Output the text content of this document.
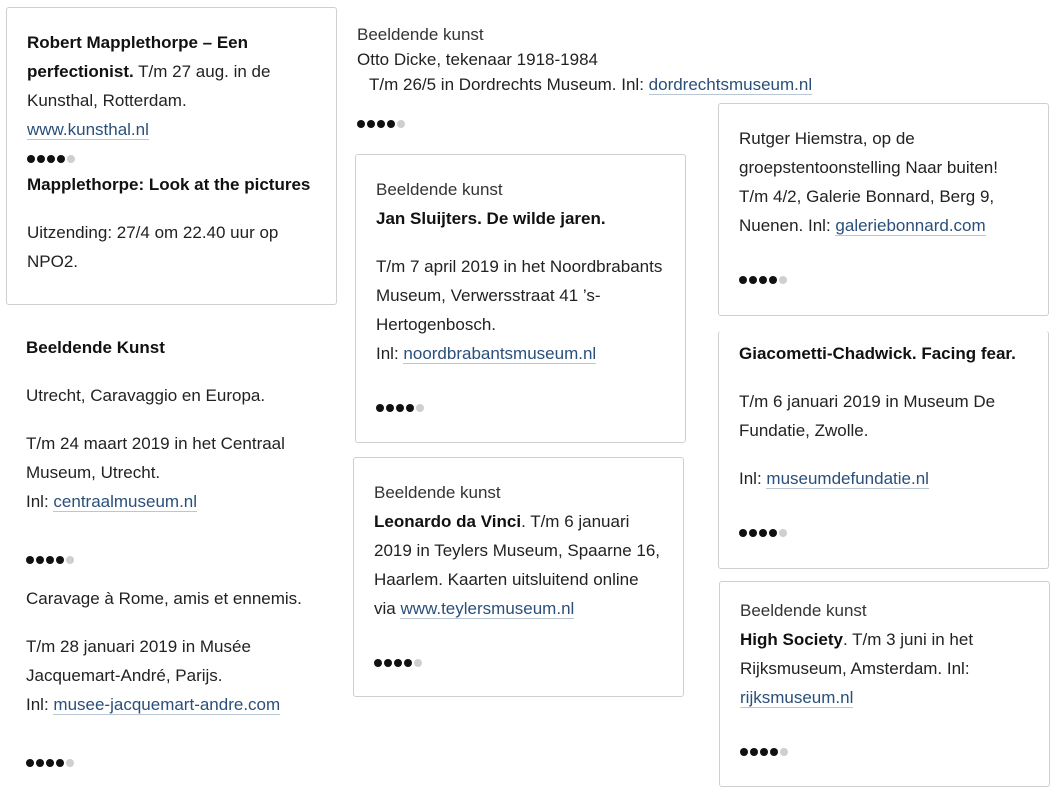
Robert Mapplethorpe – Een perfectionist. T/m 27 aug. in de Kunsthal, Rotterdam.
www.kunsthal.nl

Mapplethorpe: Look at the pictures

Uitzending: 27/4 om 22.40 uur op NPO2.

Beeldende Kunst

Utrecht, Caravaggio en Europa.

T/m 24 maart 2019 in het Centraal Museum, Utrecht.
Inl: centraalmuseum.nl

Caravage à Rome, amis et ennemis.

T/m 28 januari 2019 in Musée Jacquemart-André, Parijs.
Inl: musee-jacquemart-andre.com

Beeldende kunst

Otto Dicke, tekenaar 1918-1984

T/m 26/5 in Dordrechts Museum. Inl: dordrechtsmuseum.nl

Beeldende kunst

Jan Sluijters. De wilde jaren.

T/m 7 april 2019 in het Noordbrabants Museum, Verwersstraat 41 ’s-Hertogenbosch.
Inl: noordbrabantsmuseum.nl

Beeldende kunst

Leonardo da Vinci. T/m 6 januari 2019 in Teylers Museum, Spaarne 16, Haarlem. Kaarten uitsluitend online via www.teylersmuseum.nl

Rutger Hiemstra, op de groepstentoonstelling Naar buiten! T/m 4/2, Galerie Bonnard, Berg 9, Nuenen. Inl: galeriebonnard.com

Giacometti-Chadwick. Facing fear.

T/m 6 januari 2019 in Museum De Fundatie, Zwolle.

Inl: museumdefundatie.nl

Beeldende kunst

High Society. T/m 3 juni in het Rijksmuseum, Amsterdam. Inl: rijksmuseum.nl
